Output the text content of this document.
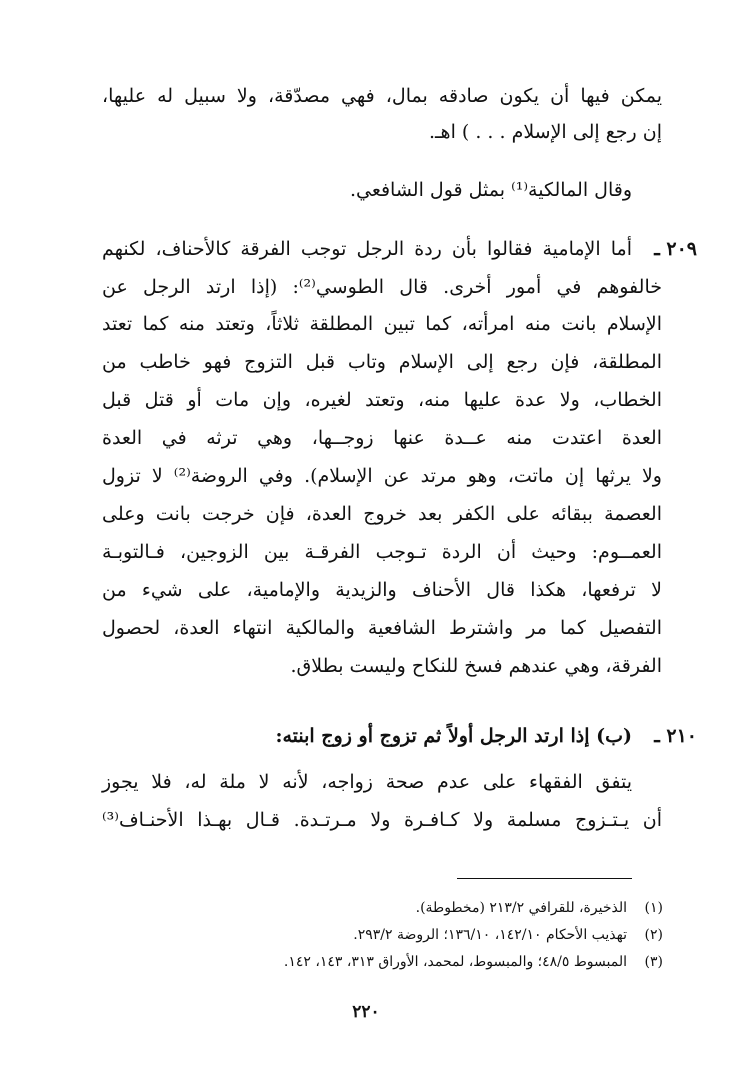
يمكن فيها أن يكون صادقه بمال، فهي مصدّقة، ولا سبيل له عليها،
إن رجع إلى الإسلام . . . ) اهـ.
وقال المالكية⁽¹⁾ بمثل قول الشافعي.
٢٠٩ ـ
أما الإمامية فقالوا بأن ردة الرجل توجب الفرقة كالأحناف، لكنهم
خالفوهم في أمور أخرى. قال الطوسي⁽²⁾: (إذا ارتد الرجل عن
الإسلام بانت منه امرأته، كما تبين المطلقة ثلاثاً، وتعتد منه كما تعتد
المطلقة، فإن رجع إلى الإسلام وتاب قبل التزوج فهو خاطب من
الخطاب، ولا عدة عليها منه، وتعتد لغيره، وإن مات أو قتل قبل
العدة اعتدت منه عــدة عنها زوجــها، وهي ترثه في العدة
ولا يرثها إن ماتت، وهو مرتد عن الإسلام). وفي الروضة⁽²⁾ لا تزول
العصمة ببقائه على الكفر بعد خروج العدة، فإن خرجت بانت وعلى
العمــوم: وحيث أن الردة تـوجب الفرقـة بين الزوجين، فـالتوبـة
لا ترفعها، هكذا قال الأحناف والزيدية والإمامية، على شيء من
التفصيل كما مر واشترط الشافعية والمالكية انتهاء العدة، لحصول
الفرقة، وهي عندهم فسخ للنكاح وليست بطلاق.
٢١٠ ـ
(ب) إذا ارتد الرجل أولاً ثم تزوج أو زوج ابنته:
يتفق الفقهاء على عدم صحة زواجه، لأنه لا ملة له، فلا يجوز
أن يـتـزوج مسلمة ولا كـافـرة ولا مـرتـدة. قـال بهـذا الأحنـاف⁽³⁾
(١)
الذخيرة، للقرافي ٢١٣/٢ (مخطوطة).
(٢)
تهذيب الأحكام ١٤٢/١٠، ١٣٦/١٠؛ الروضة ٢٩٣/٢.
(٣)
المبسوط ٤٨/٥؛ والمبسوط، لمحمد، الأوراق ٣١٣، ١٤٣، ١٤٢.
٢٢٠
